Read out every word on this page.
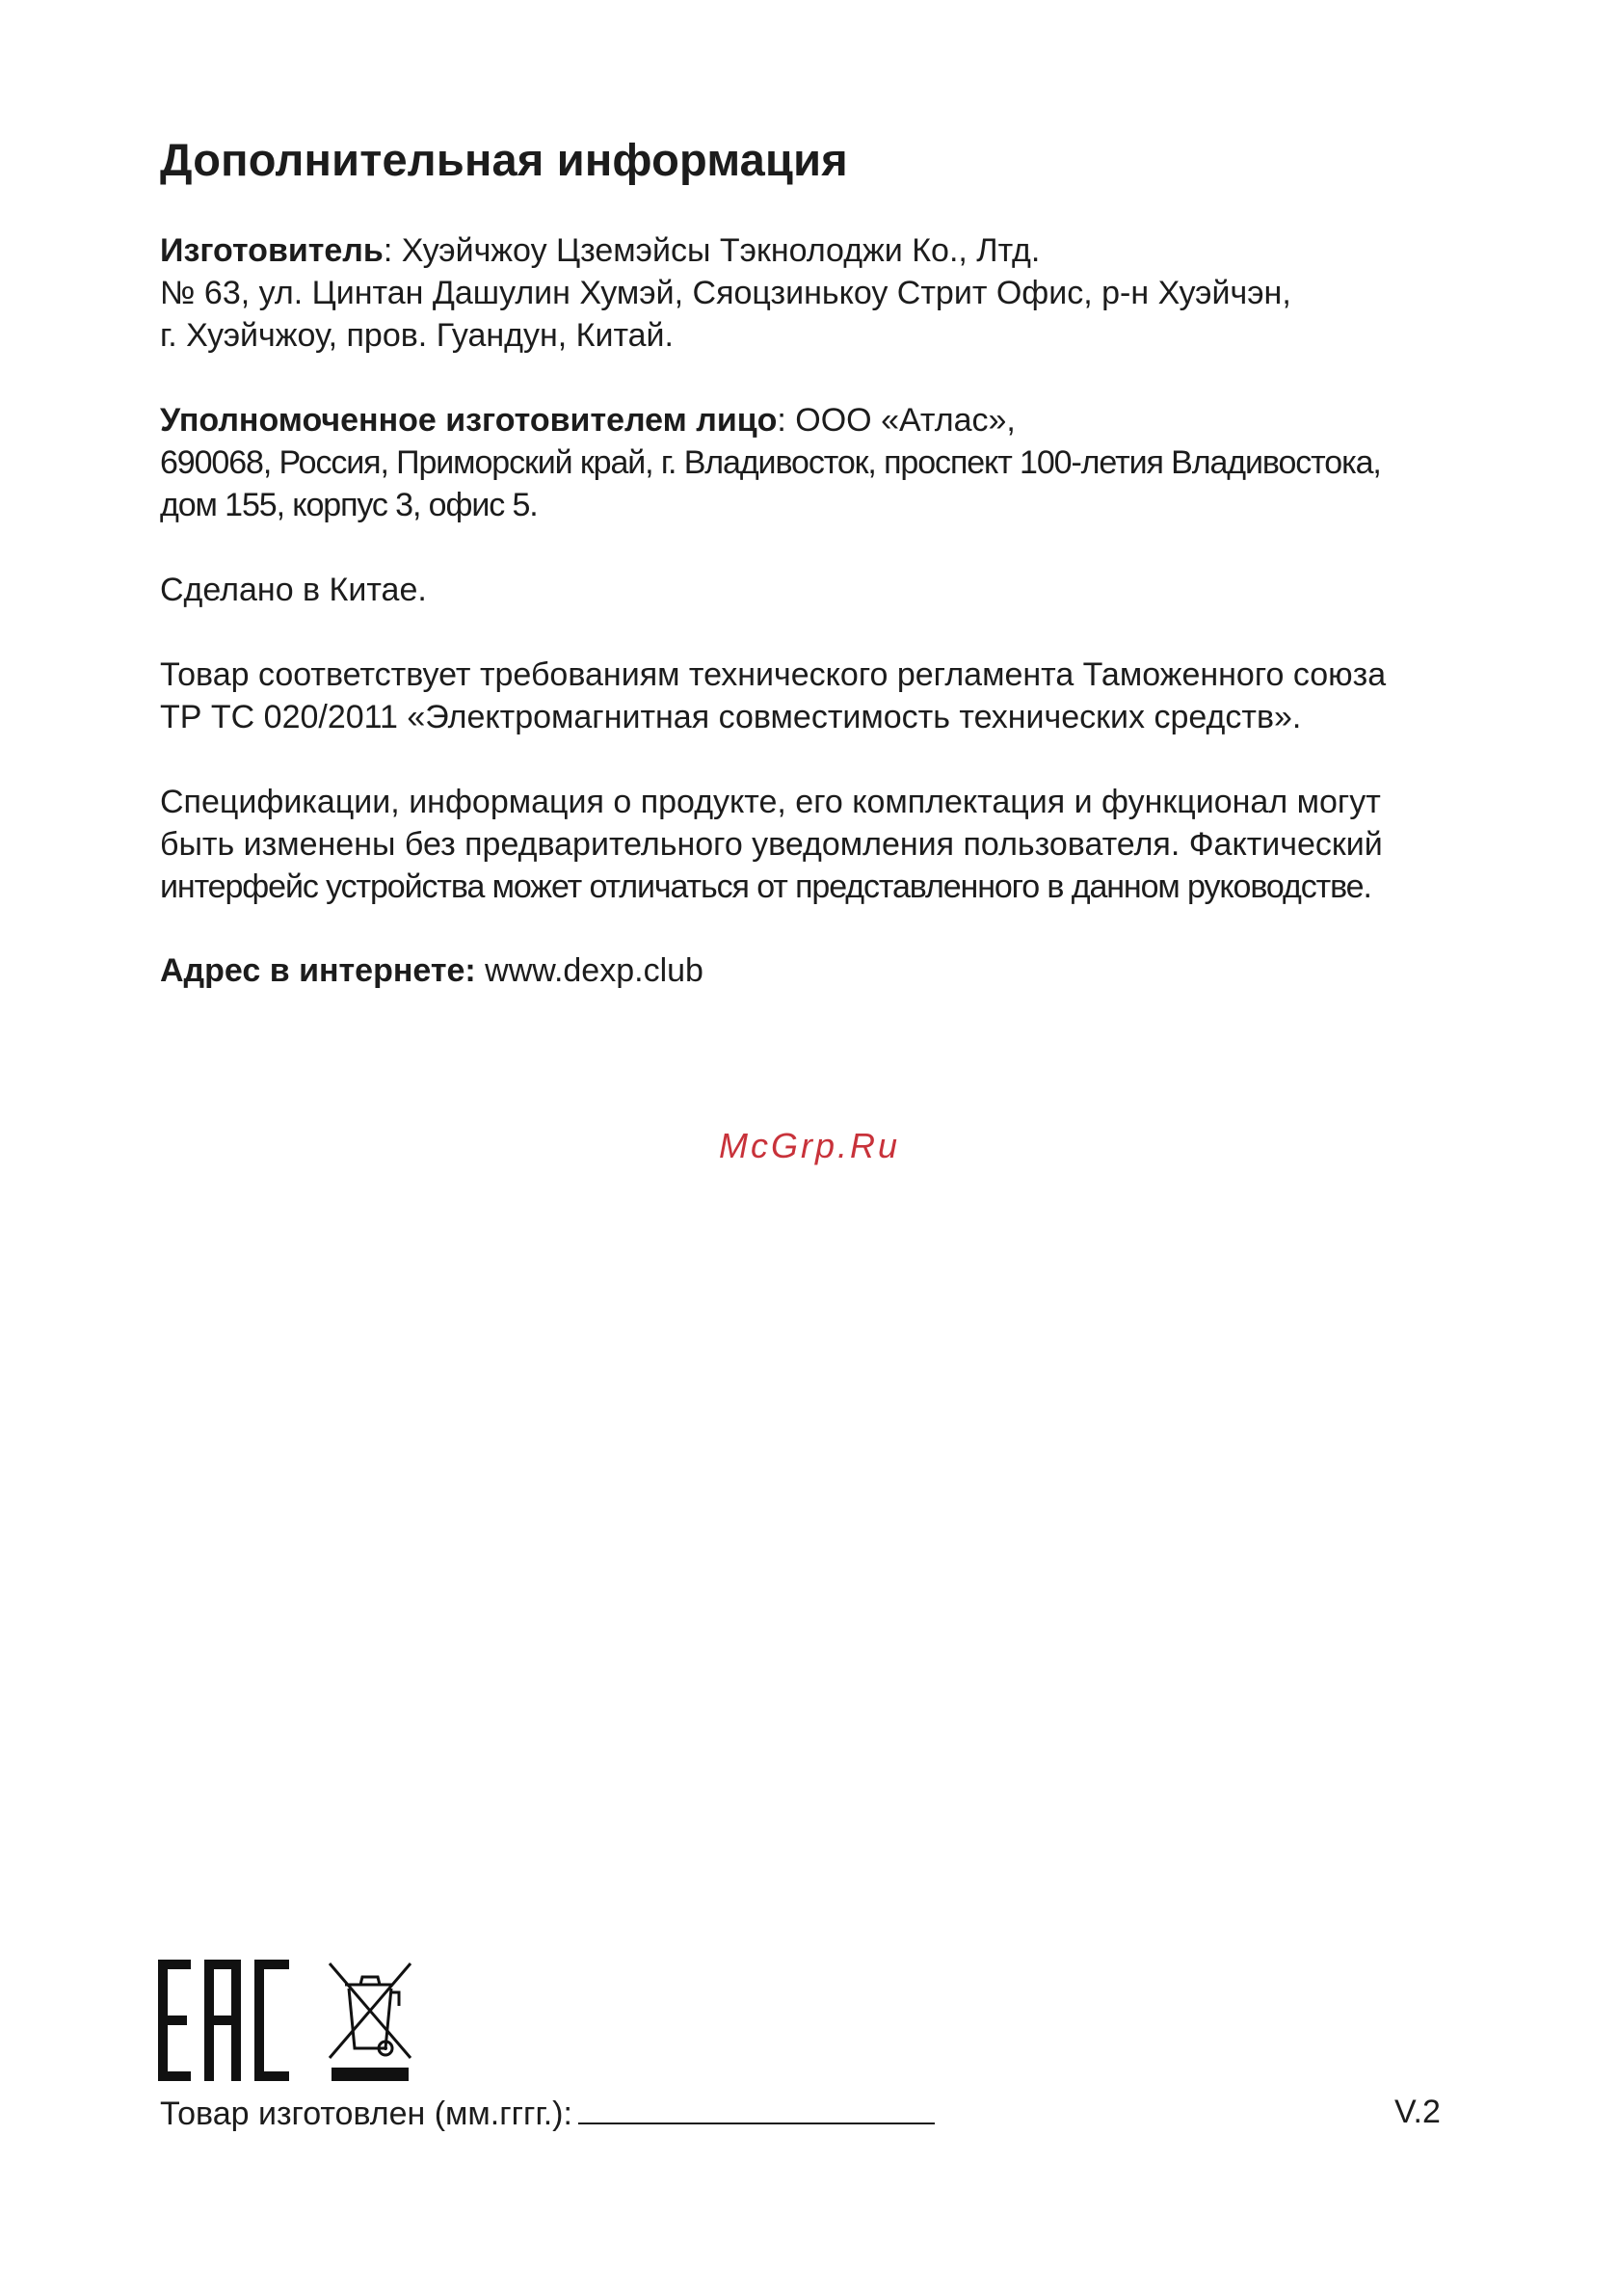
Дополнительная информация

Изготовитель: Хуэйчжоу Цземэйсы Тэкнолоджи Ко., Лтд.
№ 63, ул. Цинтан Дашулин Хумэй, Сяоцзинькоу Стрит Офис, р-н Хуэйчэн,
г. Хуэйчжоу, пров. Гуандун, Китай.

Уполномоченное изготовителем лицо: ООО «Атлас»,
690068, Россия, Приморский край, г. Владивосток, проспект 100-летия Владивостока,
дом 155, корпус 3, офис 5.

Сделано в Китае.

Товар соответствует требованиям технического регламента Таможенного союза
ТР ТС 020/2011 «Электромагнитная совместимость технических средств».

Спецификации, информация о продукте, его комплектация и функционал могут
быть изменены без предварительного уведомления пользователя. Фактический
интерфейс устройства может отличаться от представленного в данном руководстве.

Адрес в интернете: www.dexp.club

McGrp.Ru
Товар изготовлен (мм.гггг.):	V.2
